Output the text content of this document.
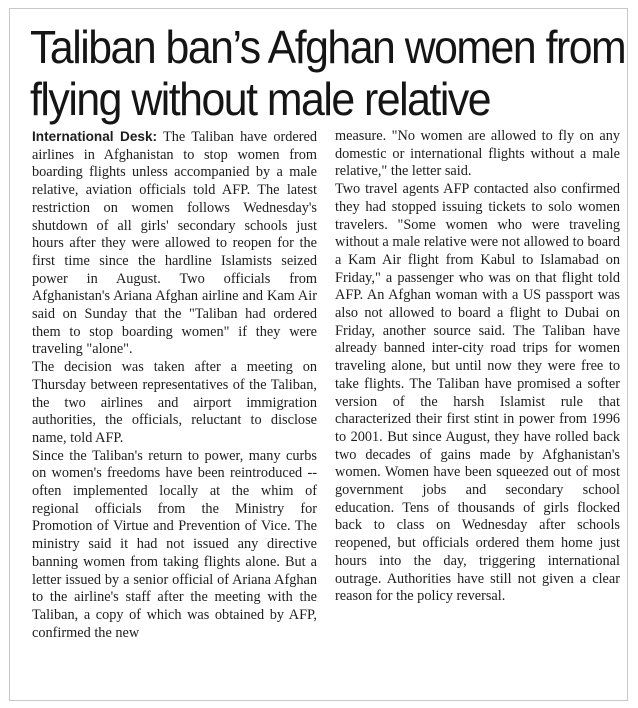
Taliban ban’s Afghan women from
flying without male relative

International Desk: The Taliban have ordered airlines in Afghanistan to stop women from boarding flights unless accompanied by a male relative, aviation officials told AFP. The latest restriction on women follows Wednesday's shutdown of all girls' secondary schools just hours after they were allowed to reopen for the first time since the hardline Islamists seized power in August. Two officials from Afghanistan's Ariana Afghan airline and Kam Air said on Sunday that the "Taliban had ordered them to stop boarding women" if they were traveling "alone".

The decision was taken after a meeting on Thursday between representatives of the Taliban, the two airlines and airport immigration authorities, the officials, reluctant to disclose name, told AFP.

Since the Taliban's return to power, many curbs on women's freedoms have been reintroduced -- often implemented locally at the whim of regional officials from the Ministry for Promotion of Virtue and Prevention of Vice. The ministry said it had not issued any directive banning women from taking flights alone. But a letter issued by a senior official of Ariana Afghan to the airline's staff after the meeting with the Taliban, a copy of which was obtained by AFP, confirmed the new

measure. "No women are allowed to fly on any domestic or international flights without a male relative," the letter said.

Two travel agents AFP contacted also confirmed they had stopped issuing tickets to solo women travelers. "Some women who were traveling without a male relative were not allowed to board a Kam Air flight from Kabul to Islamabad on Friday," a passenger who was on that flight told AFP. An Afghan woman with a US passport was also not allowed to board a flight to Dubai on Friday, another source said. The Taliban have already banned inter-city road trips for women traveling alone, but until now they were free to take flights. The Taliban have promised a softer version of the harsh Islamist rule that characterized their first stint in power from 1996 to 2001. But since August, they have rolled back two decades of gains made by Afghanistan's women. Women have been squeezed out of most government jobs and secondary school education. Tens of thousands of girls flocked back to class on Wednesday after schools reopened, but officials ordered them home just hours into the day, triggering international outrage. Authorities have still not given a clear reason for the policy reversal.
